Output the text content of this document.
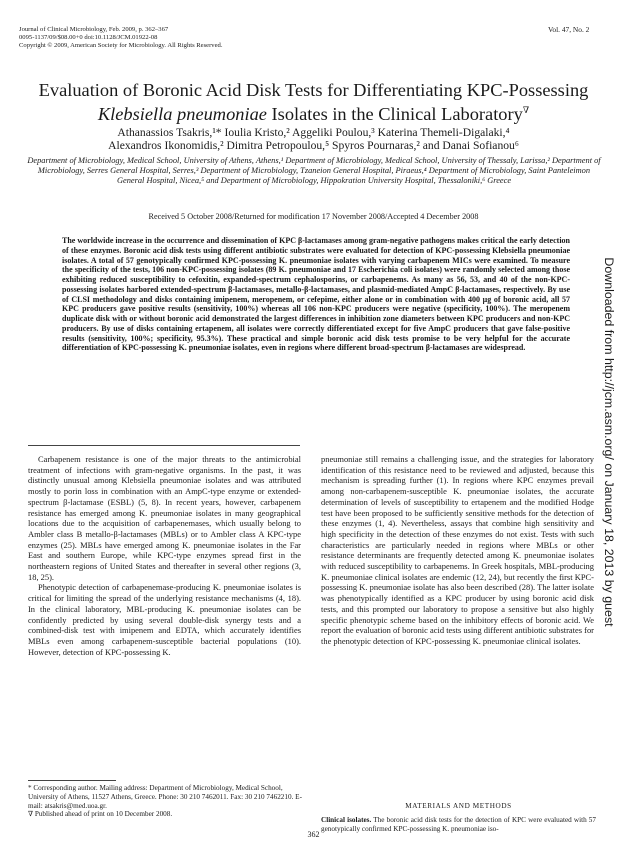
Journal of Clinical Microbiology, Feb. 2009, p. 362–367
0095-1137/09/$08.00+0 doi:10.1128/JCM.01922-08
Copyright © 2009, American Society for Microbiology. All Rights Reserved.
Vol. 47, No. 2
Evaluation of Boronic Acid Disk Tests for Differentiating KPC-Possessing
Klebsiella pneumoniae Isolates in the Clinical Laboratory∇
Athanassios Tsakris,¹* Ioulia Kristo,² Aggeliki Poulou,³ Katerina Themeli-Digalaki,⁴
Alexandros Ikonomidis,² Dimitra Petropoulou,⁵ Spyros Pournaras,² and Danai Sofianou⁶
Department of Microbiology, Medical School, University of Athens, Athens,¹ Department of Microbiology, Medical School, University of Thessaly, Larissa,² Department of Microbiology, Serres General Hospital, Serres,³ Department of Microbiology, Tzaneion General Hospital, Piraeus,⁴ Department of Microbiology, Saint Panteleimon General Hospital, Nicea,⁵ and Department of Microbiology, Hippokration University Hospital, Thessaloniki,⁶ Greece
Received 5 October 2008/Returned for modification 17 November 2008/Accepted 4 December 2008
The worldwide increase in the occurrence and dissemination of KPC β-lactamases among gram-negative pathogens makes critical the early detection of these enzymes. Boronic acid disk tests using different antibiotic substrates were evaluated for detection of KPC-possessing Klebsiella pneumoniae isolates. A total of 57 genotypically confirmed KPC-possessing K. pneumoniae isolates with varying carbapenem MICs were examined. To measure the specificity of the tests, 106 non-KPC-possessing isolates (89 K. pneumoniae and 17 Escherichia coli isolates) were randomly selected among those exhibiting reduced susceptibility to cefoxitin, expanded-spectrum cephalosporins, or carbapenems. As many as 56, 53, and 40 of the non-KPC-possessing isolates harbored extended-spectrum β-lactamases, metallo-β-lactamases, and plasmid-mediated AmpC β-lactamases, respectively. By use of CLSI methodology and disks containing imipenem, meropenem, or cefepime, either alone or in combination with 400 μg of boronic acid, all 57 KPC producers gave positive results (sensitivity, 100%) whereas all 106 non-KPC producers were negative (specificity, 100%). The meropenem duplicate disk with or without boronic acid demonstrated the largest differences in inhibition zone diameters between KPC producers and non-KPC producers. By use of disks containing ertapenem, all isolates were correctly differentiated except for five AmpC producers that gave false-positive results (sensitivity, 100%; specificity, 95.3%). These practical and simple boronic acid disk tests promise to be very helpful for the accurate differentiation of KPC-possessing K. pneumoniae isolates, even in regions where different broad-spectrum β-lactamases are widespread.

Carbapenem resistance is one of the major threats to the antimicrobial treatment of infections with gram-negative organisms. In the past, it was distinctly unusual among Klebsiella pneumoniae isolates and was attributed mostly to porin loss in combination with an AmpC-type enzyme or extended-spectrum β-lactamase (ESBL) (5, 8). In recent years, however, carbapenem resistance has emerged among K. pneumoniae isolates in many geographical locations due to the acquisition of carbapenemases, which usually belong to Ambler class B metallo-β-lactamases (MBLs) or to Ambler class A KPC-type enzymes (25). MBLs have emerged among K. pneumoniae isolates in the Far East and southern Europe, while KPC-type enzymes spread first in the northeastern regions of United States and thereafter in several other regions (3, 18, 25).

Phenotypic detection of carbapenemase-producing K. pneumoniae isolates is critical for limiting the spread of the underlying resistance mechanisms (4, 18). In the clinical laboratory, MBL-producing K. pneumoniae isolates can be confidently predicted by using several double-disk synergy tests and a combined-disk test with imipenem and EDTA, which accurately identifies MBLs even among carbapenem-susceptible bacterial populations (10). However, detection of KPC-possessing K.

pneumoniae still remains a challenging issue, and the strategies for laboratory identification of this resistance need to be reviewed and adjusted, because this mechanism is spreading further (1). In regions where KPC enzymes prevail among non-carbapenem-susceptible K. pneumoniae isolates, the accurate determination of levels of susceptibility to ertapenem and the modified Hodge test have been proposed to be sufficiently sensitive methods for the detection of these enzymes (1, 4). Nevertheless, assays that combine high sensitivity and high specificity in the detection of these enzymes do not exist. Tests with such characteristics are particularly needed in regions where MBLs or other resistance determinants are frequently detected among K. pneumoniae isolates with reduced susceptibility to carbapenems. In Greek hospitals, MBL-producing K. pneumoniae clinical isolates are endemic (12, 24), but recently the first KPC-possessing K. pneumoniae isolate has also been described (28). The latter isolate was phenotypically identified as a KPC producer by using boronic acid disk tests, and this prompted our laboratory to propose a sensitive but also highly specific phenotypic scheme based on the inhibitory effects of boronic acid. We report the evaluation of boronic acid tests using different antibiotic substrates for the phenotypic detection of KPC-possessing K. pneumoniae clinical isolates.

* Corresponding author. Mailing address: Department of Microbiology, Medical School, University of Athens, 11527 Athens, Greece. Phone: 30 210 7462011. Fax: 30 210 7462210. E-mail: atsakris@med.uoa.gr.

∇ Published ahead of print on 10 December 2008.

MATERIALS AND METHODS
Clinical isolates. The boronic acid disk tests for the detection of KPC were evaluated with 57 genotypically confirmed KPC-possessing K. pneumoniae iso-
362
Downloaded from http://jcm.asm.org/ on January 18, 2013 by guest
